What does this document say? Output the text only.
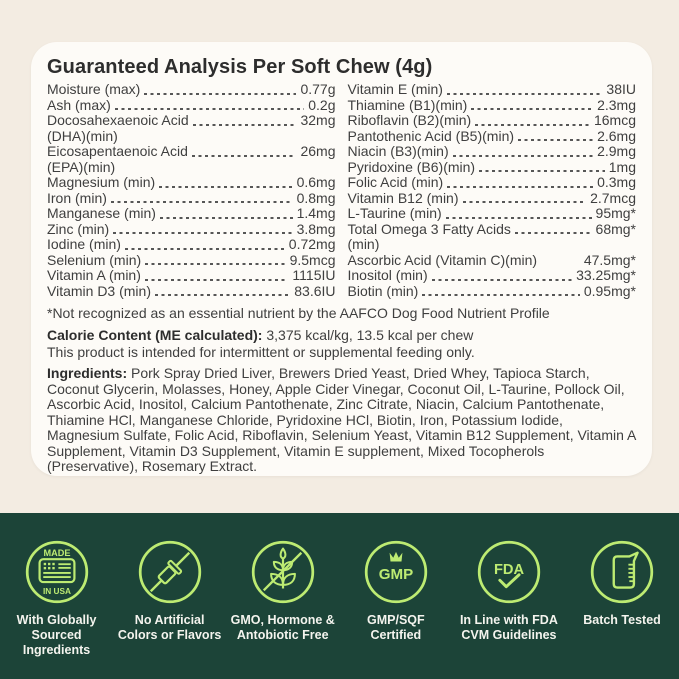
Guaranteed Analysis Per Soft Chew (4g)
Moisture (max)	0.77g
Ash (max)	0.2g
Docosahexaenoic Acid	32mg
(DHA)(min)
Eicosapentaenoic Acid	26mg
(EPA)(min)
Magnesium (min)	0.6mg
Iron (min)	0.8mg
Manganese (min)	1.4mg
Zinc (min)	3.8mg
Iodine (min)	0.72mg
Selenium (min)	9.5mcg
Vitamin A (min)	1115IU
Vitamin D3 (min)	83.6IU
Vitamin E (min)	38IU
Thiamine (B1)(min)	2.3mg
Riboflavin (B2)(min)	16mcg
Pantothenic Acid (B5)(min)	2.6mg
Niacin (B3)(min)	2.9mg
Pyridoxine (B6)(min)	1mg
Folic Acid (min)	0.3mg
Vitamin B12 (min)	2.7mcg
L-Taurine (min)	95mg*
Total Omega 3 Fatty Acids	68mg*
(min)
Ascorbic Acid (Vitamin C)(min)	47.5mg*
Inositol (min)	33.25mg*
Biotin (min)	0.95mg*
*Not recognized as an essential nutrient by the AAFCO Dog Food Nutrient Profile
Calorie Content (ME calculated): 3,375 kcal/kg, 13.5 kcal per chew
This product is intended for intermittent or supplemental feeding only.

Ingredients: Pork Spray Dried Liver, Brewers Dried Yeast, Dried Whey, Tapioca Starch, Coconut Glycerin, Molasses, Honey, Apple Cider Vinegar, Coconut Oil, L-Taurine, Pollock Oil, Ascorbic Acid, Inositol, Calcium Pantothenate, Zinc Citrate, Niacin, Calcium Pantothenate, Thiamine HCl, Manganese Chloride, Pyridoxine HCl, Biotin, Iron, Potassium Iodide, Magnesium Sulfate, Folic Acid, Riboflavin, Selenium Yeast, Vitamin B12 Supplement, Vitamin A Supplement, Vitamin D3 Supplement, Vitamin E supplement, Mixed Tocopherols (Preservative), Rosemary Extract.

MADE
IN USA
With Globally
Sourced
Ingredients
No Artificial
Colors or Flavors
GMO, Hormone &
Antobiotic Free
GMP
GMP/SQF
Certified
FDA
In Line with FDA
CVM Guidelines
Batch Tested
